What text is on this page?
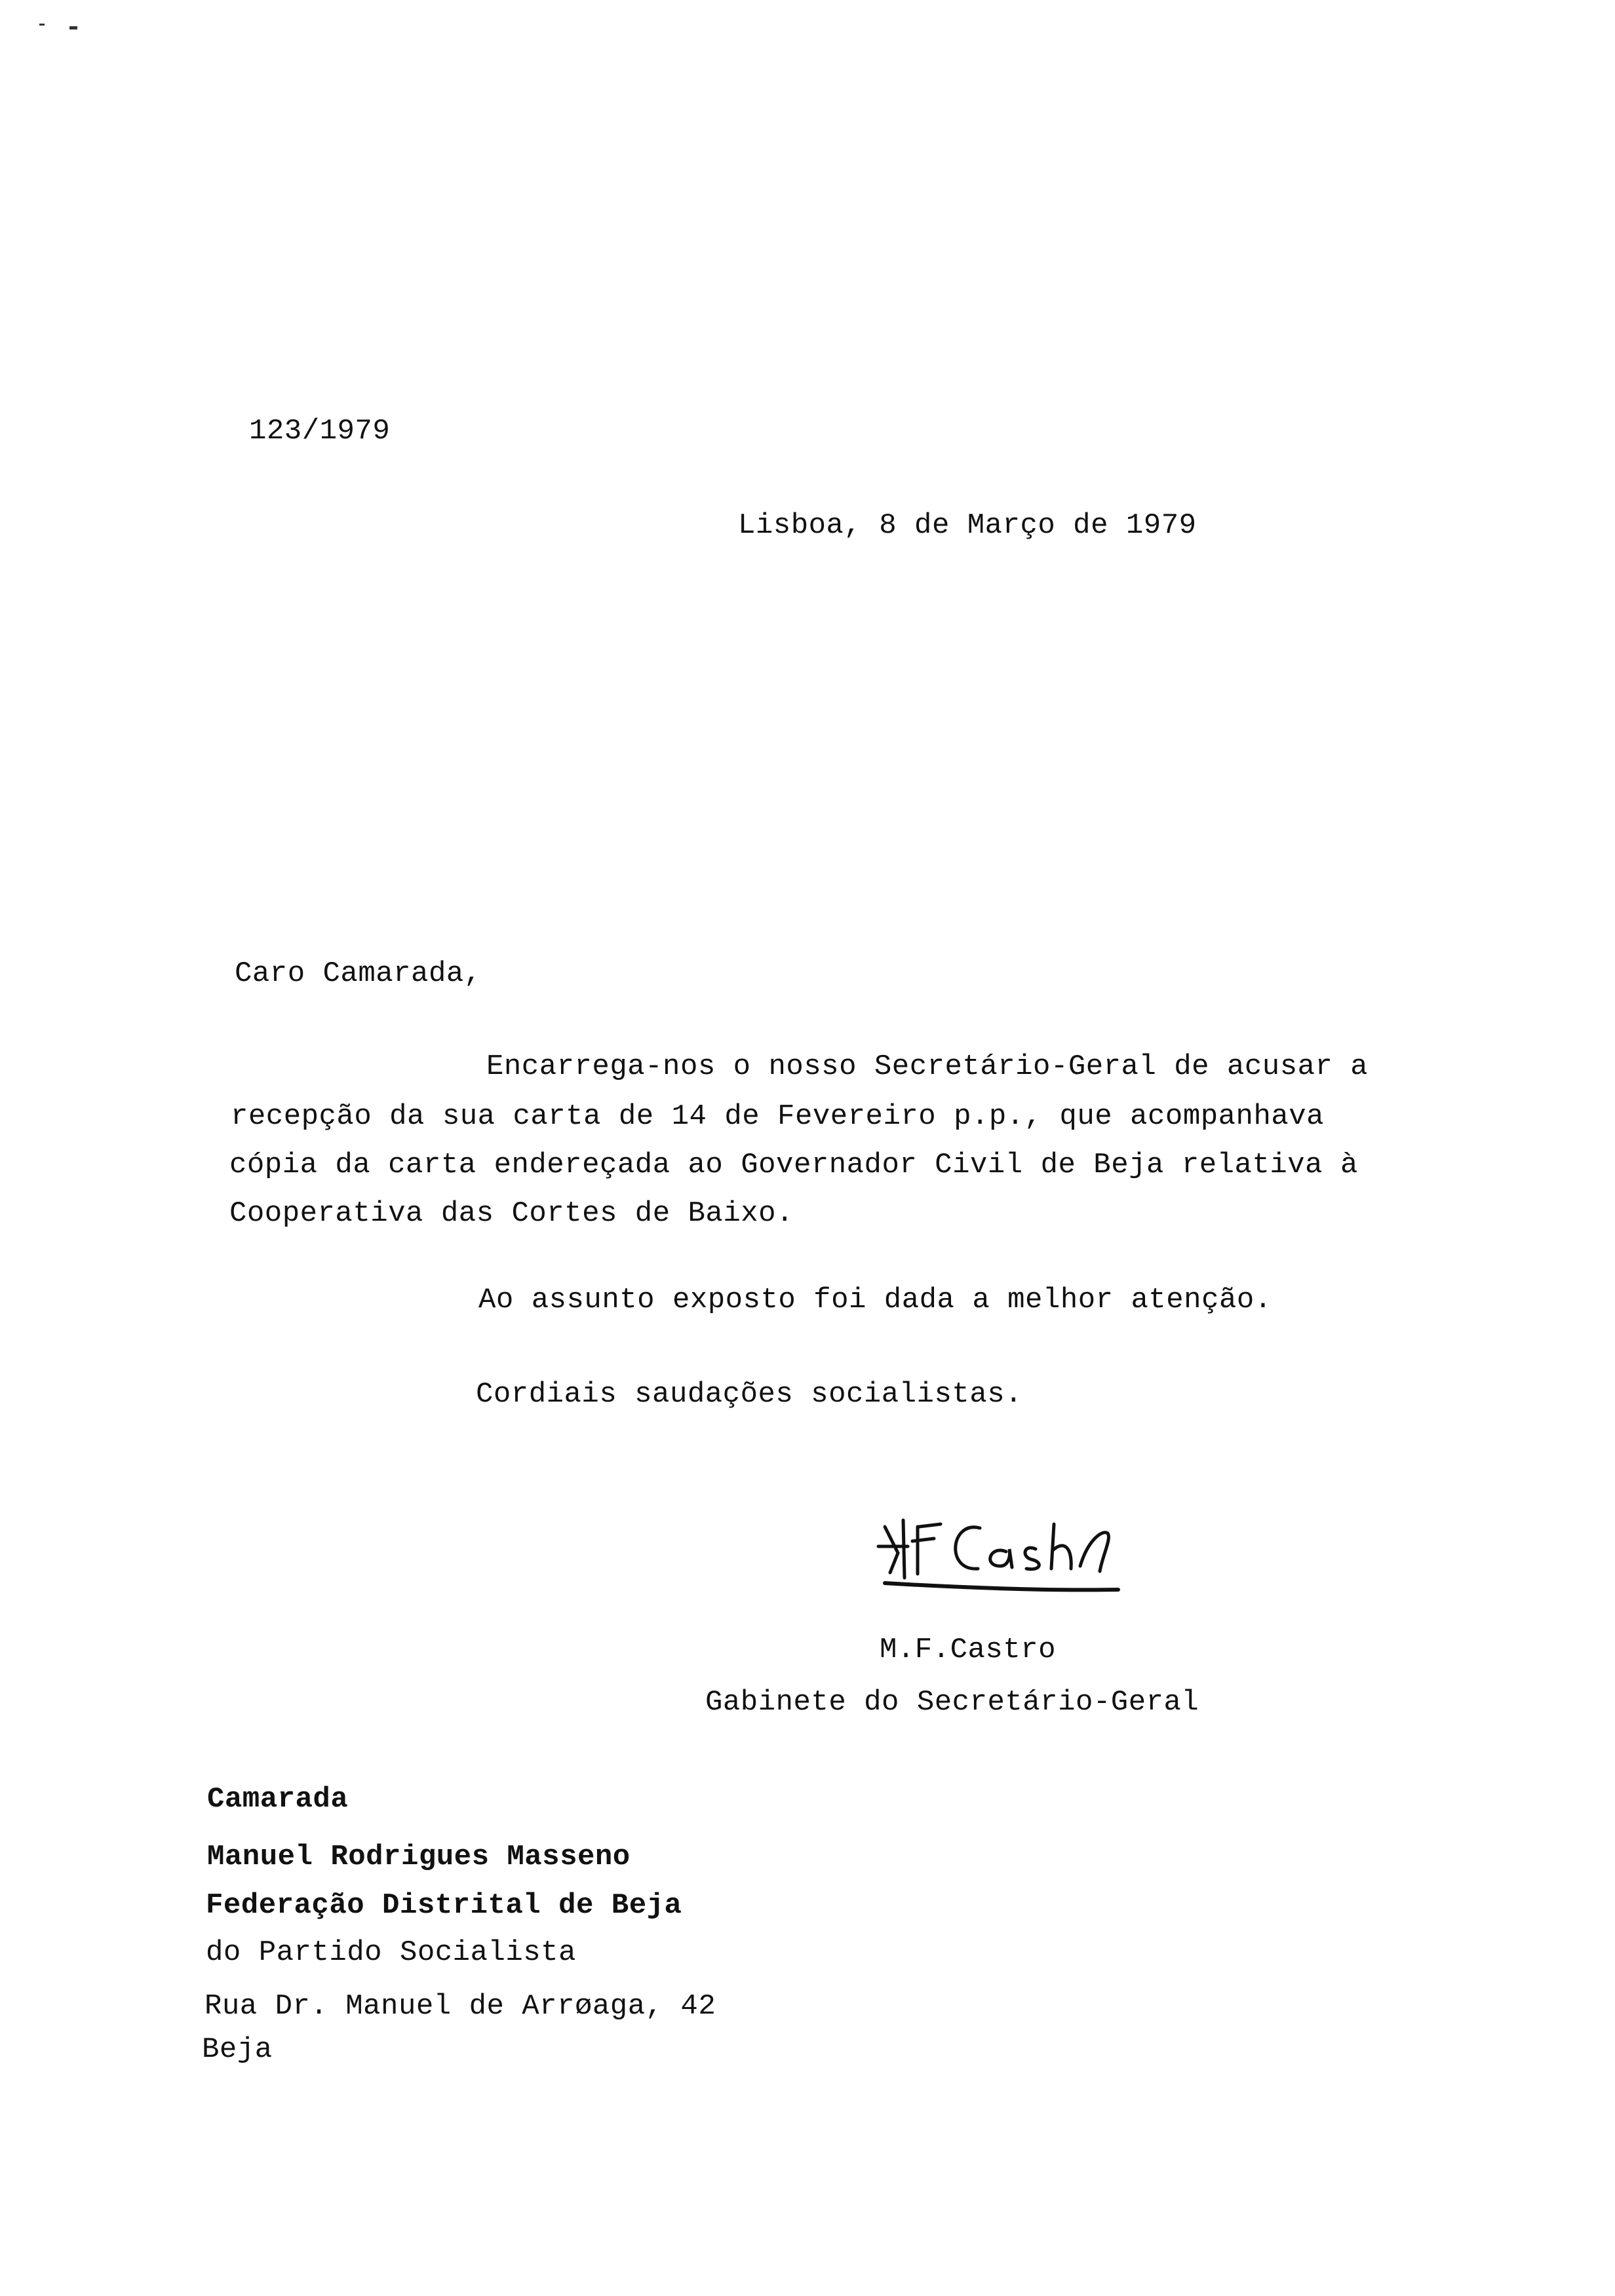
123/1979
Lisboa, 8 de Março de 1979
Caro Camarada,
Encarrega-nos o nosso Secretário-Geral de acusar a
recepção da sua carta de 14 de Fevereiro p.p., que acompanhava
cópia da carta endereçada ao Governador Civil de Beja relativa à
Cooperativa das Cortes de Baixo.
Ao assunto exposto foi dada a melhor atenção.
Cordiais saudações socialistas.
M.F.Castro
Gabinete do Secretário-Geral
Camarada
Manuel Rodrigues Masseno
Federação Distrital de Beja
do Partido Socialista
Rua Dr. Manuel de Arrøaga, 42
Beja
